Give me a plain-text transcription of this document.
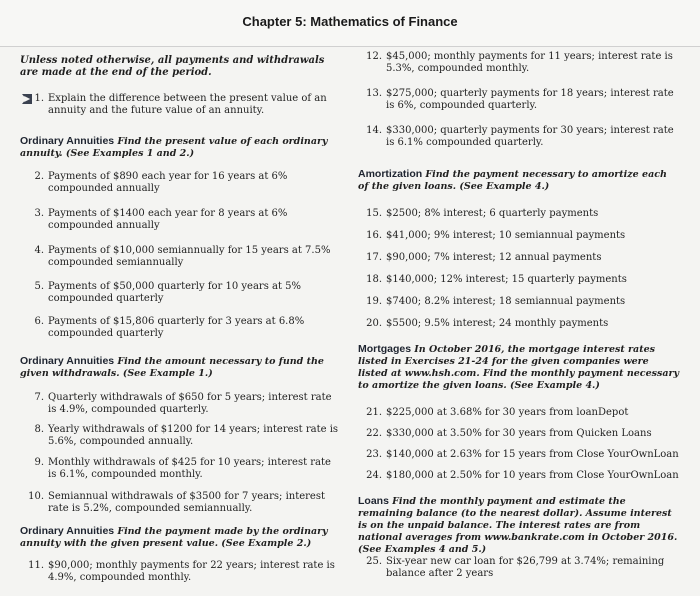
Chapter 5: Mathematics of Finance
Unless noted otherwise, all payments and withdrawals are made at the end of the period.
1. Explain the difference between the present value of an annuity and the future value of an annuity.
Ordinary Annuities Find the present value of each ordinary annuity. (See Examples 1 and 2.)
2. Payments of $890 each year for 16 years at 6% compounded annually
3. Payments of $1400 each year for 8 years at 6% compounded annually
4. Payments of $10,000 semiannually for 15 years at 7.5% compounded semiannually
5. Payments of $50,000 quarterly for 10 years at 5% compounded quarterly
6. Payments of $15,806 quarterly for 3 years at 6.8% compounded quarterly
Ordinary Annuities Find the amount necessary to fund the given withdrawals. (See Example 1.)
7. Quarterly withdrawals of $650 for 5 years; interest rate is 4.9%, compounded quarterly.
8. Yearly withdrawals of $1200 for 14 years; interest rate is 5.6%, compounded annually.
9. Monthly withdrawals of $425 for 10 years; interest rate is 6.1%, compounded monthly.
10. Semiannual withdrawals of $3500 for 7 years; interest rate is 5.2%, compounded semiannually.
Ordinary Annuities Find the payment made by the ordinary annuity with the given present value. (See Example 2.)
11. $90,000; monthly payments for 22 years; interest rate is 4.9%, compounded monthly.
12. $45,000; monthly payments for 11 years; interest rate is 5.3%, compounded monthly.
13. $275,000; quarterly payments for 18 years; interest rate is 6%, compounded quarterly.
14. $330,000; quarterly payments for 30 years; interest rate is 6.1% compounded quarterly.
Amortization Find the payment necessary to amortize each of the given loans. (See Example 4.)
15. $2500; 8% interest; 6 quarterly payments
16. $41,000; 9% interest; 10 semiannual payments
17. $90,000; 7% interest; 12 annual payments
18. $140,000; 12% interest; 15 quarterly payments
19. $7400; 8.2% interest; 18 semiannual payments
20. $5500; 9.5% interest; 24 monthly payments
Mortgages In October 2016, the mortgage interest rates listed in Exercises 21-24 for the given companies were listed at www.hsh.com. Find the monthly payment necessary to amortize the given loans. (See Example 4.)
21. $225,000 at 3.68% for 30 years from loanDepot
22. $330,000 at 3.50% for 30 years from Quicken Loans
23. $140,000 at 2.63% for 15 years from Close YourOwnLoan
24. $180,000 at 2.50% for 10 years from Close YourOwnLoan
Loans Find the monthly payment and estimate the remaining balance (to the nearest dollar). Assume interest is on the unpaid balance. The interest rates are from national averages from www.bankrate.com in October 2016. (See Examples 4 and 5.)
25. Six-year new car loan for $26,799 at 3.74%; remaining balance after 2 years
